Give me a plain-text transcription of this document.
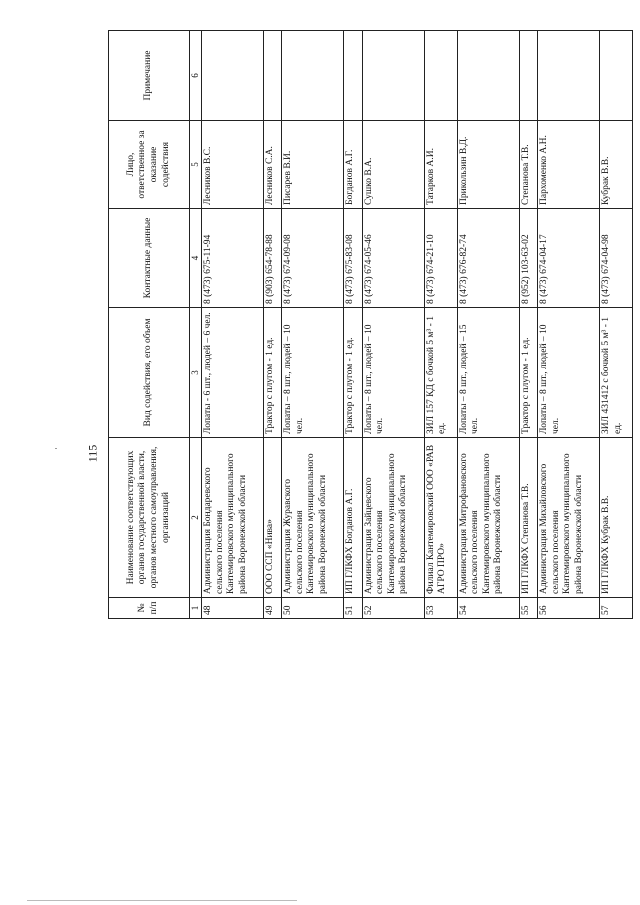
115
№ п/п	Наименование соответствующих органов государственной власти, органов местного самоуправления, организаций	Вид содействия, его объем	Контактные данные	Лицо, ответственное за оказание содействия	Примечание
1	2	3	4	5	6
48	Администрация Бондаревского сельского поселения Кантемировского муниципального района Воронежской области	Лопаты - 6 шт., людей – 6 чел.	8 (473) 675-11-94	Лесников В.С.	
49	ООО ССП «Нива»	Трактор с плугом - 1 ед.	8 (903) 654-78-88	Лесников С.А.	
50	Администрация Журавского сельского поселения Кантемировского муниципального района Воронежской области	Лопаты – 8 шт., людей – 10 чел.	8 (473) 674-09-08	Писарев В.И.	
51	ИП ГЛКФХ Богданов А.Г.	Трактор с плугом - 1 ед.	8 (473) 675-83-08	Богданов А.Г.	
52	Администрация Зайцевского сельского поселения Кантемировского муниципального района Воронежской области	Лопаты – 8 шт., людей – 10 чел.	8 (473) 674-05-46	Сушко В.А.	
53	Филиал Кантемировский ООО «РАВ АГРО ПРО»	ЗИЛ 157 КД с бочкой 5 м³ - 1 ед.	8 (473) 674-21-10	Татарков А.И.	
54	Администрация Митрофановского сельского поселения Кантемировского муниципального района Воронежской области	Лопаты – 8 шт., людей – 15 чел.	8 (473) 676-82-74	Прикользин В.Д.	
55	ИП ГЛКФХ Степанова Т.В.	Трактор с плугом - 1 ед.	8 (952) 103-63-02	Степанова Т.В.	
56	Администрация Михайловского сельского поселения Кантемировского муниципального района Воронежской области	Лопаты – 8 шт., людей – 10 чел.	8 (473) 674-04-17	Пархоменко А.Н.	
57	ИП ГЛКФХ Кубрак В.В.	ЗИЛ 431412 с бочкой 5 м³ - 1 ед.	8 (473) 674-04-98	Кубрак В.В.	
